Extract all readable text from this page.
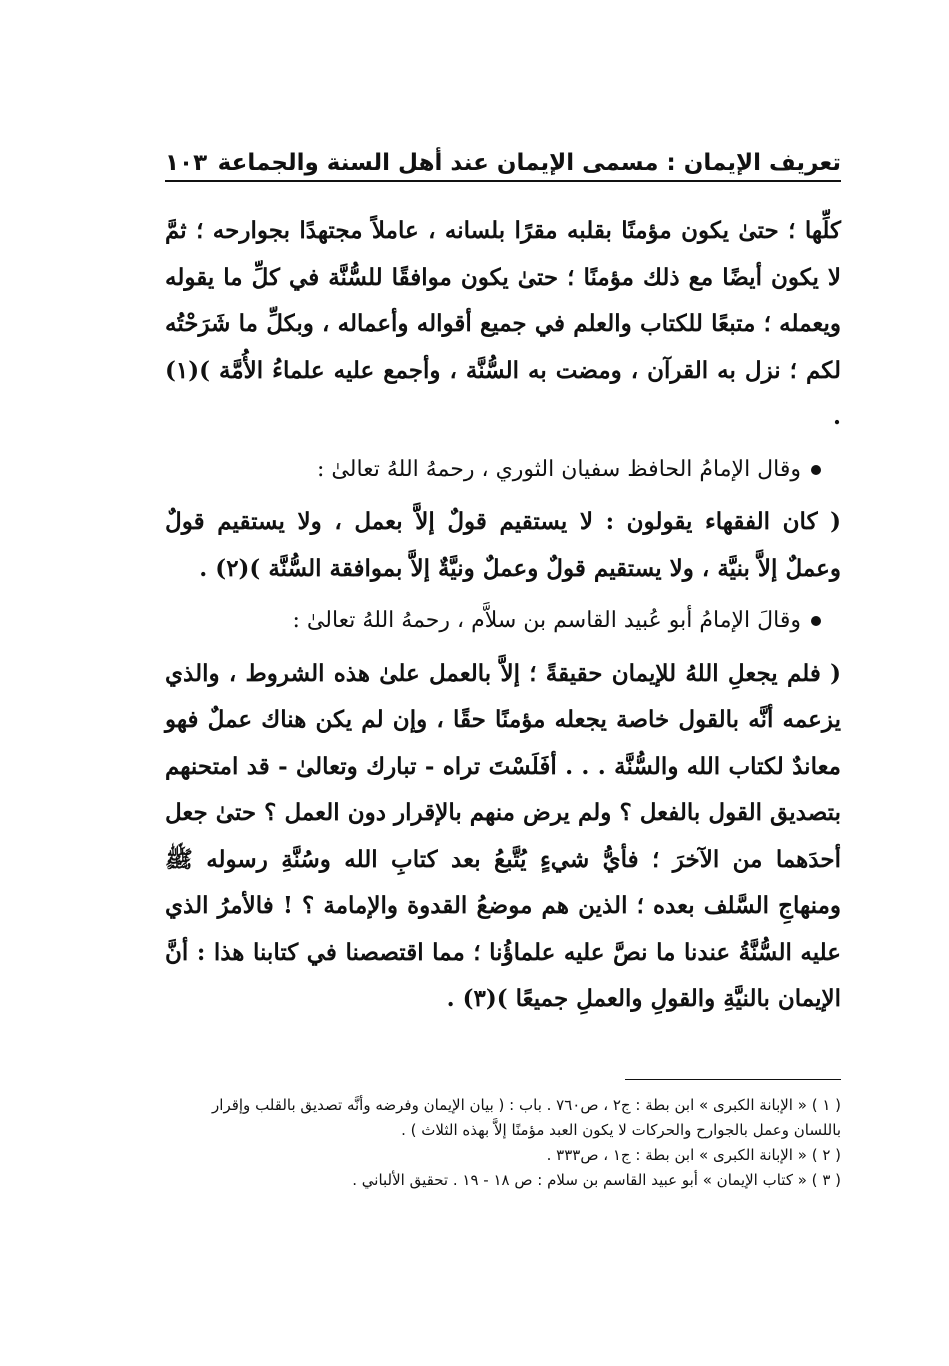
تعريف الإيمان : مسمى الإيمان عند أهل السنة والجماعة
١٠٣

كلِّها ؛ حتىٰ يكون مؤمنًا بقلبه مقرًا بلسانه ، عاملاً مجتهدًا بجوارحه ؛ ثمَّ لا يكون أيضًا مع ذلك مؤمنًا ؛ حتىٰ يكون موافقًا للسُّنَّة في كلِّ ما يقوله ويعمله ؛ متبعًا للكتاب والعلم في جميع أقواله وأعماله ، وبكلِّ ما شَرَحْتُه لكم ؛ نزل به القرآن ، ومضت به السُّنَّة ، وأجمع عليه علماءُ الأُمَّة )(١) .

وقال الإمامُ الحافظ سفيان الثوري ، رحمهُ اللهُ تعالىٰ :

( كان الفقهاء يقولون : لا يستقيم قولٌ إلاَّ بعمل ، ولا يستقيم قولٌ وعملٌ إلاَّ بنيَّة ، ولا يستقيم قولٌ وعملٌ ونيَّةٌ إلاَّ بموافقة السُّنَّة )(٢) .

وقالَ الإمامُ أبو عُبيد القاسم بن سلاَّم ، رحمهُ اللهُ تعالىٰ :

( فلم يجعلِ اللهُ للإيمان حقيقةً ؛ إلاَّ بالعمل علىٰ هذه الشروط ، والذي يزعمه أنَّه بالقول خاصة يجعله مؤمنًا حقًا ، وإن لم يكن هناك عملٌ فهو معاندٌ لكتاب الله والسُّنَّة . . . أفَلَسْتَ تراه - تبارك وتعالىٰ - قد امتحنهم بتصديق القول بالفعل ؟ ولم يرض منهم بالإقرار دون العمل ؟ حتىٰ جعل أحدَهما من الآخرَ ؛ فأيُّ شيءٍ يُتَّبعُ بعد كتابِ الله وسُنَّةِ رسوله ﷺ ومنهاجِ السَّلف بعده ؛ الذين هم موضعُ القدوة والإمامة ؟ ! فالأمرُ الذي عليه السُّنَّةُ عندنا ما نصَّ عليه علماؤُنا ؛ مما اقتصصنا في كتابنا هذا : أنَّ الإيمان بالنيَّةِ والقولِ والعملِ جميعًا )(٣) .

( ١ ) « الإبانة الكبرى » ابن بطة : ج٢ ، ص٧٦٠ . باب : ( بيان الإيمان وفرضه وأنَّه تصديق بالقلب وإقرار باللسان وعمل بالجوارح والحركات لا يكون العبد مؤمنًا إلاَّ بهذه الثلاث ) .

( ٢ ) « الإبانة الكبرى » ابن بطة : ج١ ، ص٣٣٣ .

( ٣ ) « كتاب الإيمان » أبو عبيد القاسم بن سلام : ص ١٨ - ١٩ . تحقيق الألباني .
